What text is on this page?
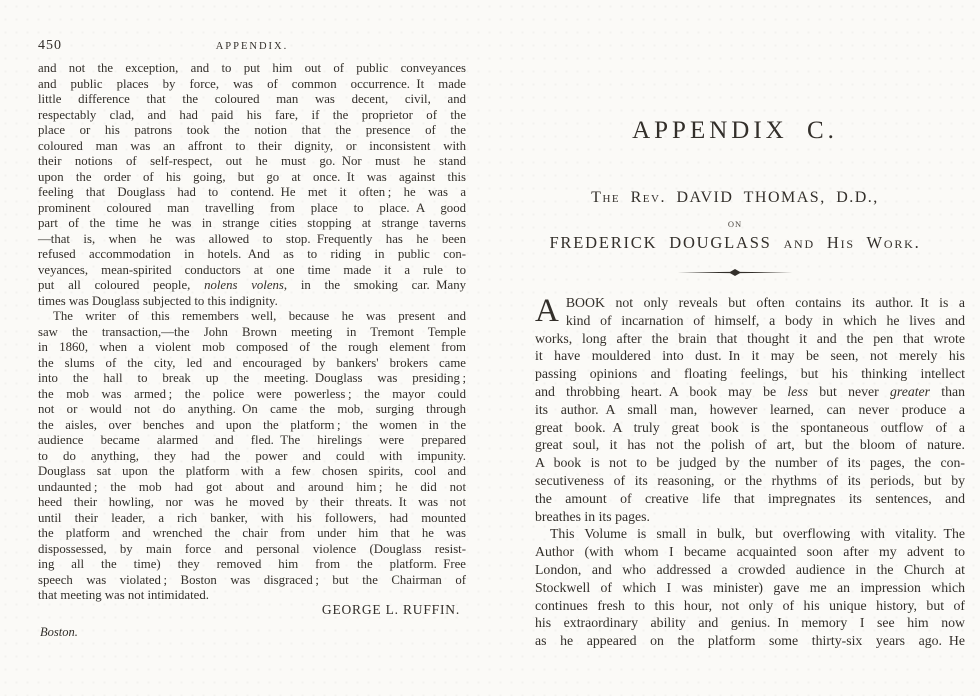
450	APPENDIX.
and not the exception, and to put him out of public conveyances
and public places by force, was of common occurrence. It made
little difference that the coloured man was decent, civil, and
respectably clad, and had paid his fare, if the proprietor of the
place or his patrons took the notion that the presence of the
coloured man was an affront to their dignity, or inconsistent with
their notions of self-respect, out he must go. Nor must he stand
upon the order of his going, but go at once. It was against this
feeling that Douglass had to contend. He met it often ; he was a
prominent coloured man travelling from place to place. A good
part of the time he was in strange cities stopping at strange taverns
—that is, when he was allowed to stop. Frequently has he been
refused accommodation in hotels. And as to riding in public con-
veyances, mean-spirited conductors at one time made it a rule to
put all coloured people, nolens volens, in the smoking car. Many
times was Douglass subjected to this indignity.
The writer of this remembers well, because he was present and
saw the transaction,—the John Brown meeting in Tremont Temple
in 1860, when a violent mob composed of the rough element from
the slums of the city, led and encouraged by bankers' brokers came
into the hall to break up the meeting. Douglass was presiding ;
the mob was armed ; the police were powerless ; the mayor could
not or would not do anything. On came the mob, surging through
the aisles, over benches and upon the platform ; the women in the
audience became alarmed and fled. The hirelings were prepared
to do anything, they had the power and could with impunity.
Douglass sat upon the platform with a few chosen spirits, cool and
undaunted ; the mob had got about and around him ; he did not
heed their howling, nor was he moved by their threats. It was not
until their leader, a rich banker, with his followers, had mounted
the platform and wrenched the chair from under him that he was
dispossessed, by main force and personal violence (Douglass resist-
ing all the time) they removed him from the platform. Free
speech was violated ; Boston was disgraced ; but the Chairman of
that meeting was not intimidated.
GEORGE L. RUFFIN.
Boston.
APPENDIX C.
The Rev. DAVID THOMAS, D.D.,
ON
FREDERICK DOUGLASS and His Work.
A BOOK not only reveals but often contains its author. It is a
kind of incarnation of himself, a body in which he lives and
works, long after the brain that thought it and the pen that wrote
it have mouldered into dust. In it may be seen, not merely his
passing opinions and floating feelings, but his thinking intellect
and throbbing heart. A book may be less but never greater than
its author. A small man, however learned, can never produce a
great book. A truly great book is the spontaneous outflow of a
great soul, it has not the polish of art, but the bloom of nature.
A book is not to be judged by the number of its pages, the con-
secutiveness of its reasoning, or the rhythms of its periods, but by
the amount of creative life that impregnates its sentences, and
breathes in its pages.
This Volume is small in bulk, but overflowing with vitality. The
Author (with whom I became acquainted soon after my advent to
London, and who addressed a crowded audience in the Church at
Stockwell of which I was minister) gave me an impression which
continues fresh to this hour, not only of his unique history, but of
his extraordinary ability and genius. In memory I see him now
as he appeared on the platform some thirty-six years ago. He
